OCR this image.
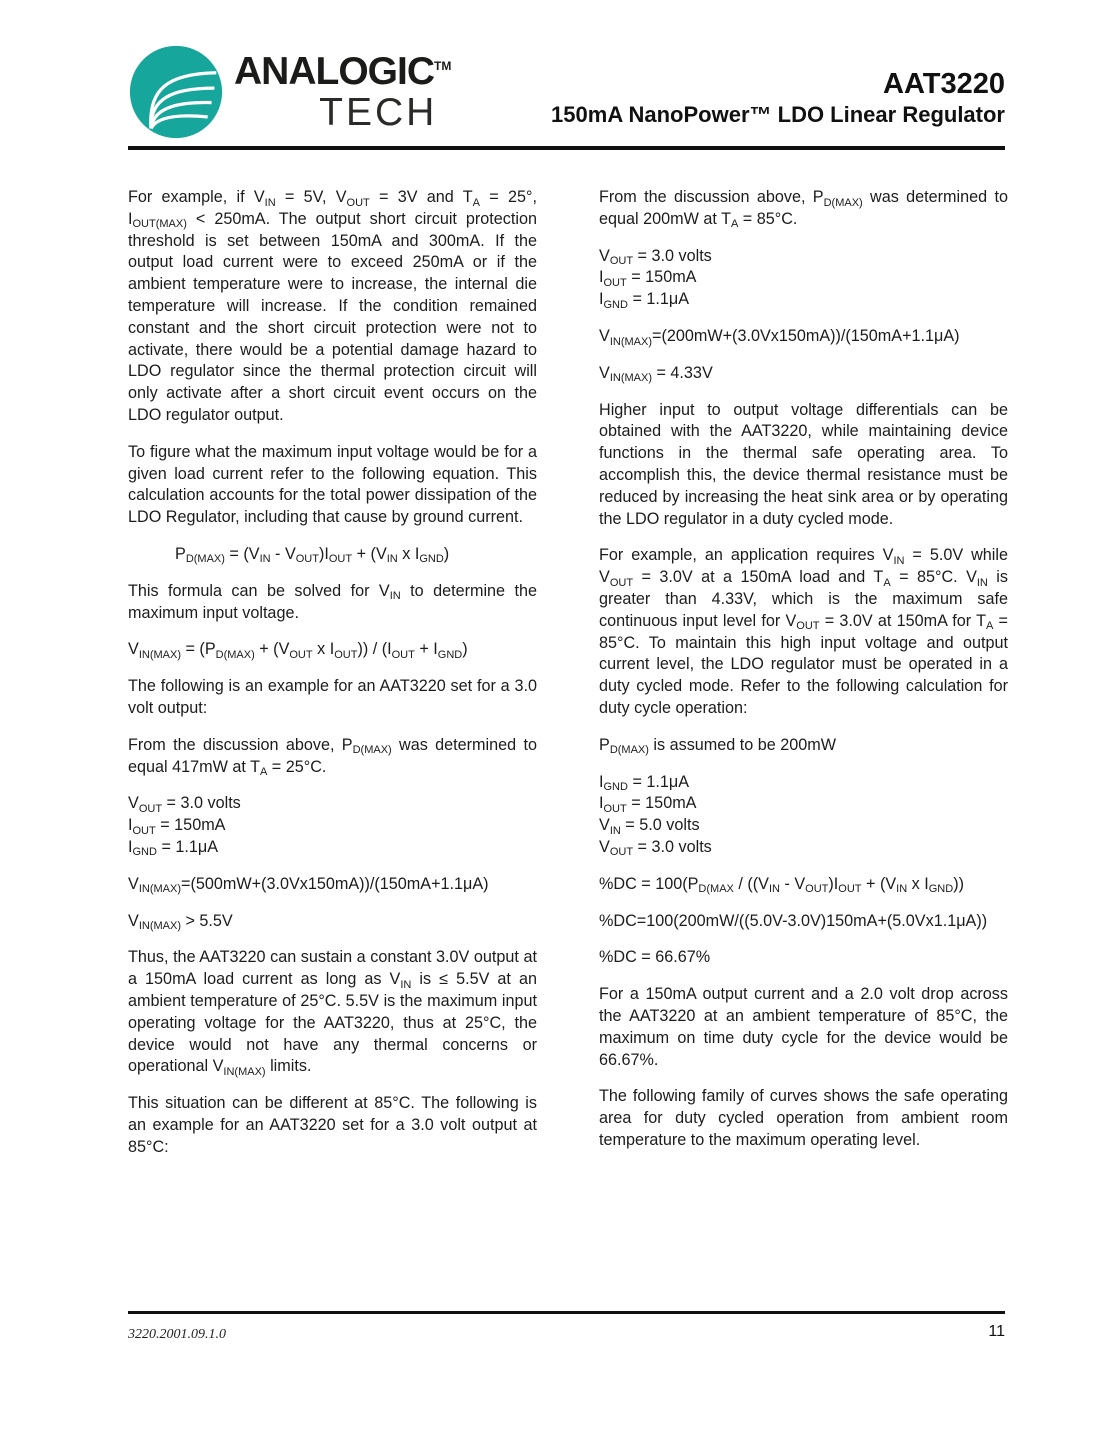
ANALOGIC™
TECH
AAT3220
150mA NanoPower™ LDO Linear Regulator

For example, if $V_{IN} = 5V$, $V_{OUT} = 3V$ and $T_A = 25^\circ$, $I_{OUT(MAX)} < 250mA$. The output short circuit protection threshold is set between 150mA and 300mA. If the output load current were to exceed 250mA or if the ambient temperature were to increase, the internal die temperature will increase. If the condition remained constant and the short circuit protection were not to activate, there would be a potential damage hazard to LDO regulator since the thermal protection circuit will only activate after a short circuit event occurs on the LDO regulator output.

To figure what the maximum input voltage would be for a given load current refer to the following equation. This calculation accounts for the total power dissipation of the LDO Regulator, including that cause by ground current.

$P_{D(MAX)} = (V_{IN} - V_{OUT})I_{OUT} + (V_{IN}$ x $I_{GND}$)

This formula can be solved for $V_{IN}$ to determine the maximum input voltage.

$V_{IN(MAX)} = (P_{D(MAX)} + (V_{OUT}$ x $I_{OUT})) / (I_{OUT} + I_{GND})$

The following is an example for an AAT3220 set for a 3.0 volt output:

From the discussion above, $P_{D(MAX)}$ was determined to equal 417mW at $T_A = 25^\circ C$.

$V_{OUT} = 3.0$ volts

$I_{OUT} = 150mA$

$I_{GND} = 1.1\mu A$

$V_{IN(MAX)}=(500mW+(3.0Vx150mA))/(150mA+1.1\mu A)$

$V_{IN(MAX)} > 5.5V$

Thus, the AAT3220 can sustain a constant 3.0V output at a 150mA load current as long as $V_{IN}$ is ≤ 5.5V at an ambient temperature of 25°C. 5.5V is the maximum input operating voltage for the AAT3220, thus at 25°C, the device would not have any thermal concerns or operational $V_{IN(MAX)}$ limits.

This situation can be different at 85°C. The following is an example for an AAT3220 set for a 3.0 volt output at 85°C:

From the discussion above, $P_{D(MAX)}$ was determined to equal 200mW at $T_A = 85^\circ C$.

$V_{OUT} = 3.0$ volts

$I_{OUT} = 150mA$

$I_{GND} = 1.1\mu A$

$V_{IN(MAX)}=(200mW+(3.0Vx150mA))/(150mA+1.1\mu A)$

$V_{IN(MAX)} = 4.33V$

Higher input to output voltage differentials can be obtained with the AAT3220, while maintaining device functions in the thermal safe operating area. To accomplish this, the device thermal resistance must be reduced by increasing the heat sink area or by operating the LDO regulator in a duty cycled mode.

For example, an application requires $V_{IN} = 5.0V$ while $V_{OUT} = 3.0V$ at a 150mA load and $T_A = 85^\circ C$. $V_{IN}$ is greater than 4.33V, which is the maximum safe continuous input level for $V_{OUT} = 3.0V$ at 150mA for $T_A = 85^\circ C$. To maintain this high input voltage and output current level, the LDO regulator must be operated in a duty cycled mode. Refer to the following calculation for duty cycle operation:

$P_{D(MAX)}$ is assumed to be 200mW

$I_{GND} = 1.1\mu A$

$I_{OUT} = 150mA$

$V_{IN} = 5.0$ volts

$V_{OUT} = 3.0$ volts

$\%DC = 100(P_{D(MAX} / ((V_{IN} - V_{OUT})I_{OUT} + (V_{IN}$ x $I_{GND}$))

%DC=100(200mW/((5.0V-3.0V)150mA+(5.0Vx1.1μA))

%DC = 66.67%

For a 150mA output current and a 2.0 volt drop across the AAT3220 at an ambient temperature of 85°C, the maximum on time duty cycle for the device would be 66.67%.

The following family of curves shows the safe operating area for duty cycled operation from ambient room temperature to the maximum operating level.

3220.2001.09.1.0	11
